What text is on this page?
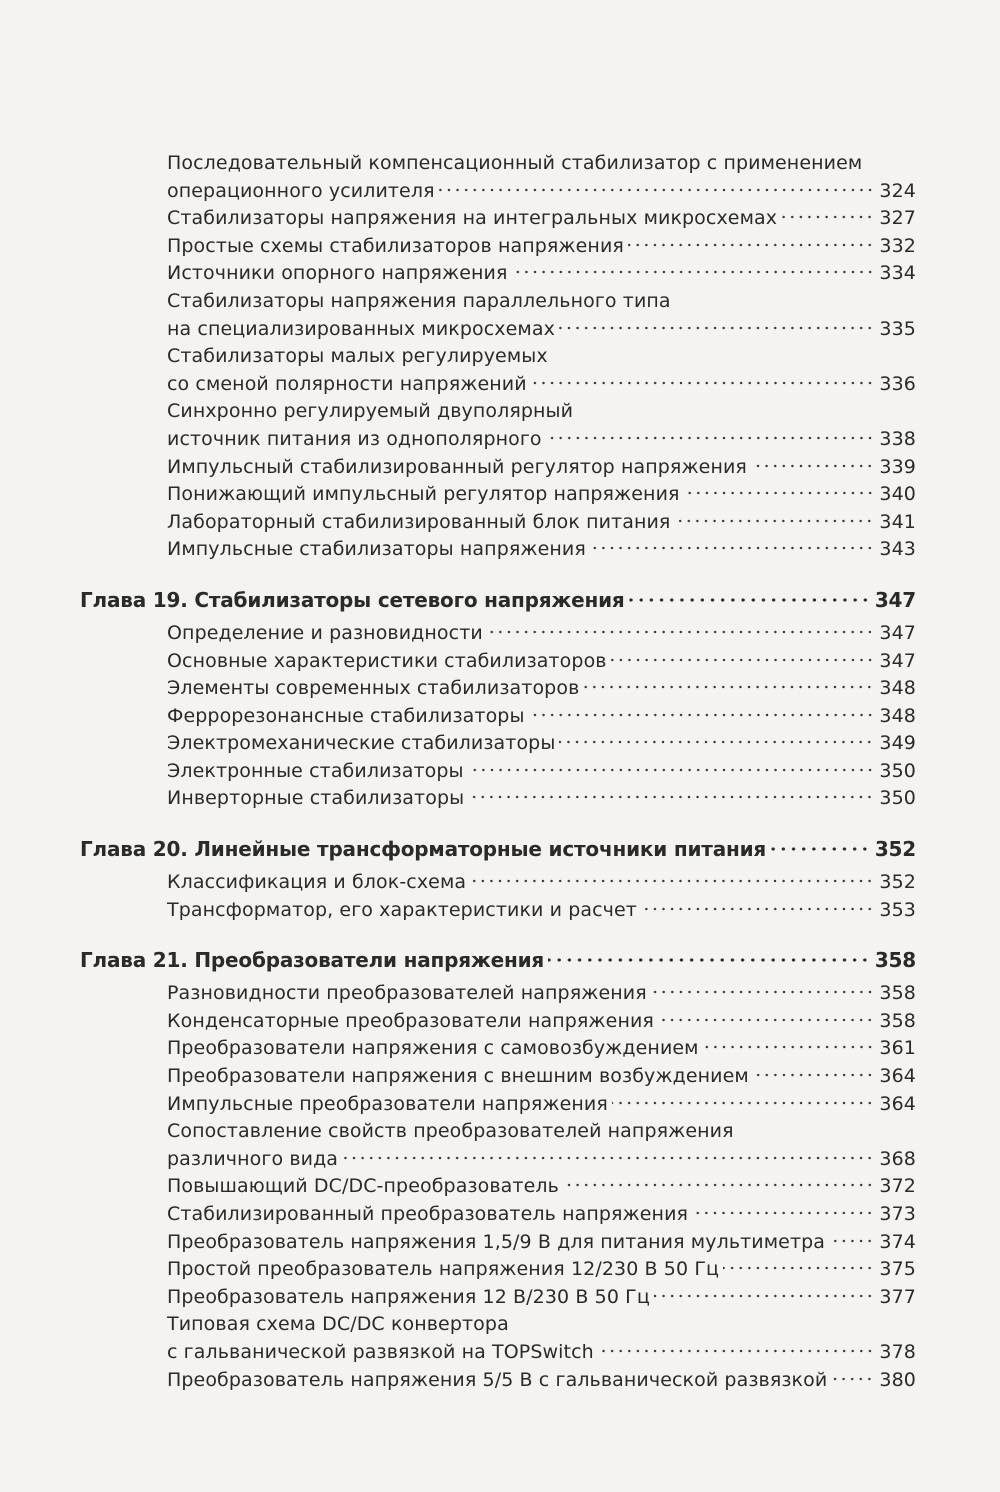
Последовательный компенсационный стабилизатор с применением
операционного усилителя	324
Стабилизаторы напряжения на интегральных микросхемах	327
Простые схемы стабилизаторов напряжения	332
Источники опорного напряжения	334
Стабилизаторы напряжения параллельного типа
на специализированных микросхемах	335
Стабилизаторы малых регулируемых
со сменой полярности напряжений	336
Синхронно регулируемый двуполярный
источник питания из однополярного	338
Импульсный стабилизированный регулятор напряжения	339
Понижающий импульсный регулятор напряжения	340
Лабораторный стабилизированный блок питания	341
Импульсные стабилизаторы напряжения	343
Глава 19. Стабилизаторы сетевого напряжения	347
Определение и разновидности	347
Основные характеристики стабилизаторов	347
Элементы современных стабилизаторов	348
Феррорезонансные стабилизаторы	348
Электромеханические стабилизаторы	349
Электронные стабилизаторы	350
Инверторные стабилизаторы	350
Глава 20. Линейные трансформаторные источники питания	352
Классификация и блок-схема	352
Трансформатор, его характеристики и расчет	353
Глава 21. Преобразователи напряжения	358
Разновидности преобразователей напряжения	358
Конденсаторные преобразователи напряжения	358
Преобразователи напряжения с самовозбуждением	361
Преобразователи напряжения с внешним возбуждением	364
Импульсные преобразователи напряжения	364
Сопоставление свойств преобразователей напряжения
различного вида	368
Повышающий DC/DC-преобразователь	372
Стабилизированный преобразователь напряжения	373
Преобразователь напряжения 1,5/9 В для питания мультиметра	374
Простой преобразователь напряжения 12/230 В 50 Гц	375
Преобразователь напряжения 12 В/230 В 50 Гц	377
Типовая схема DC/DC конвертора
с гальванической развязкой на TOPSwitch	378
Преобразователь напряжения 5/5 В с гальванической развязкой	380
